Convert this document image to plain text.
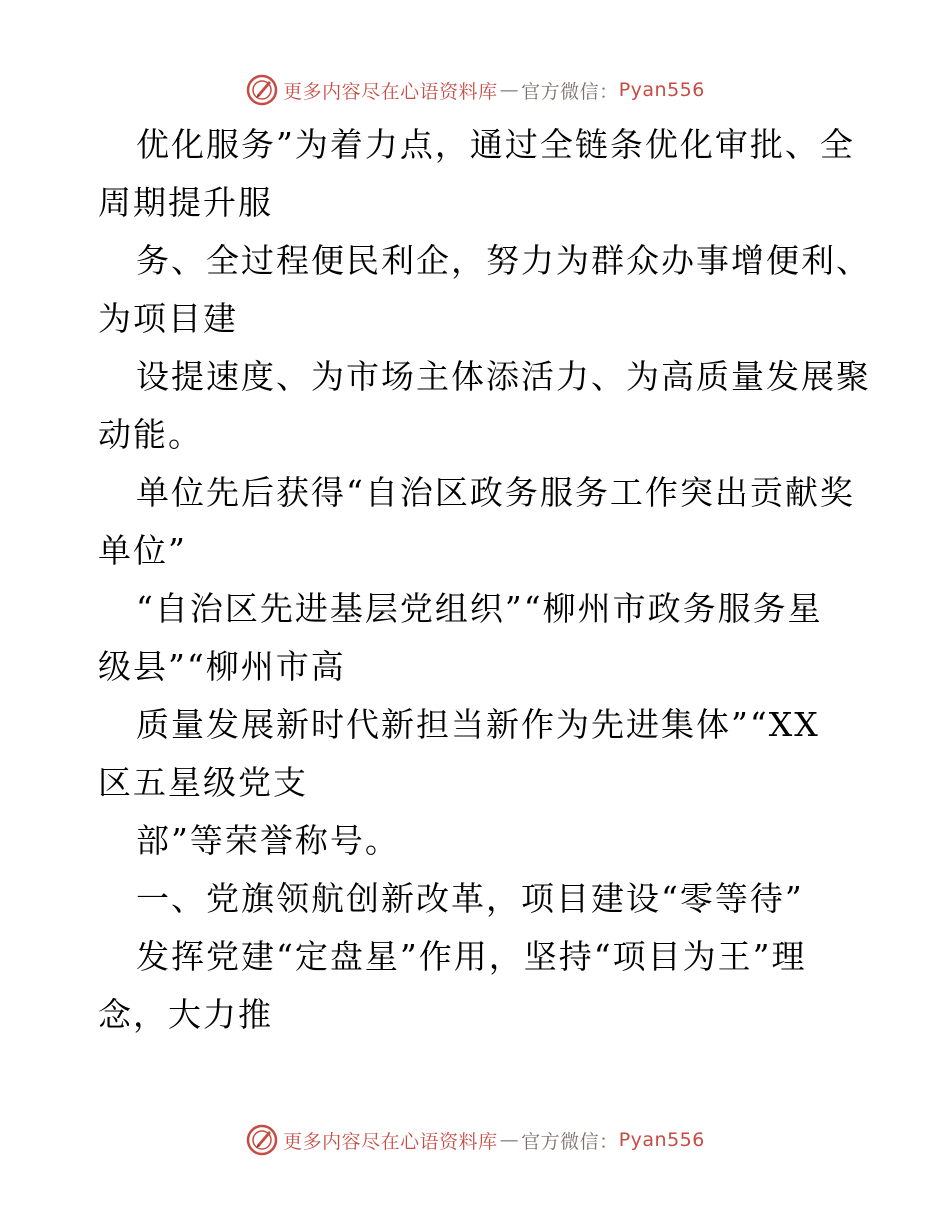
更多内容尽在心语资料库 — 官方微信： Pyan556
优化服务”为着力点，通过全链条优化审批、全
周期提升服
务、全过程便民利企，努力为群众办事增便利、
为项目建
设提速度、为市场主体添活力、为高质量发展聚
动能。
单位先后获得“自治区政务服务工作突出贡献奖
单位”
“自治区先进基层党组织”“柳州市政务服务星
级县”“柳州市高
质量发展新时代新担当新作为先进集体”“XX
区五星级党支
部”等荣誉称号。
一、党旗领航创新改革，项目建设“零等待”
发挥党建“定盘星”作用，坚持“项目为王”理
念，大力推
更多内容尽在心语资料库 — 官方微信： Pyan556
